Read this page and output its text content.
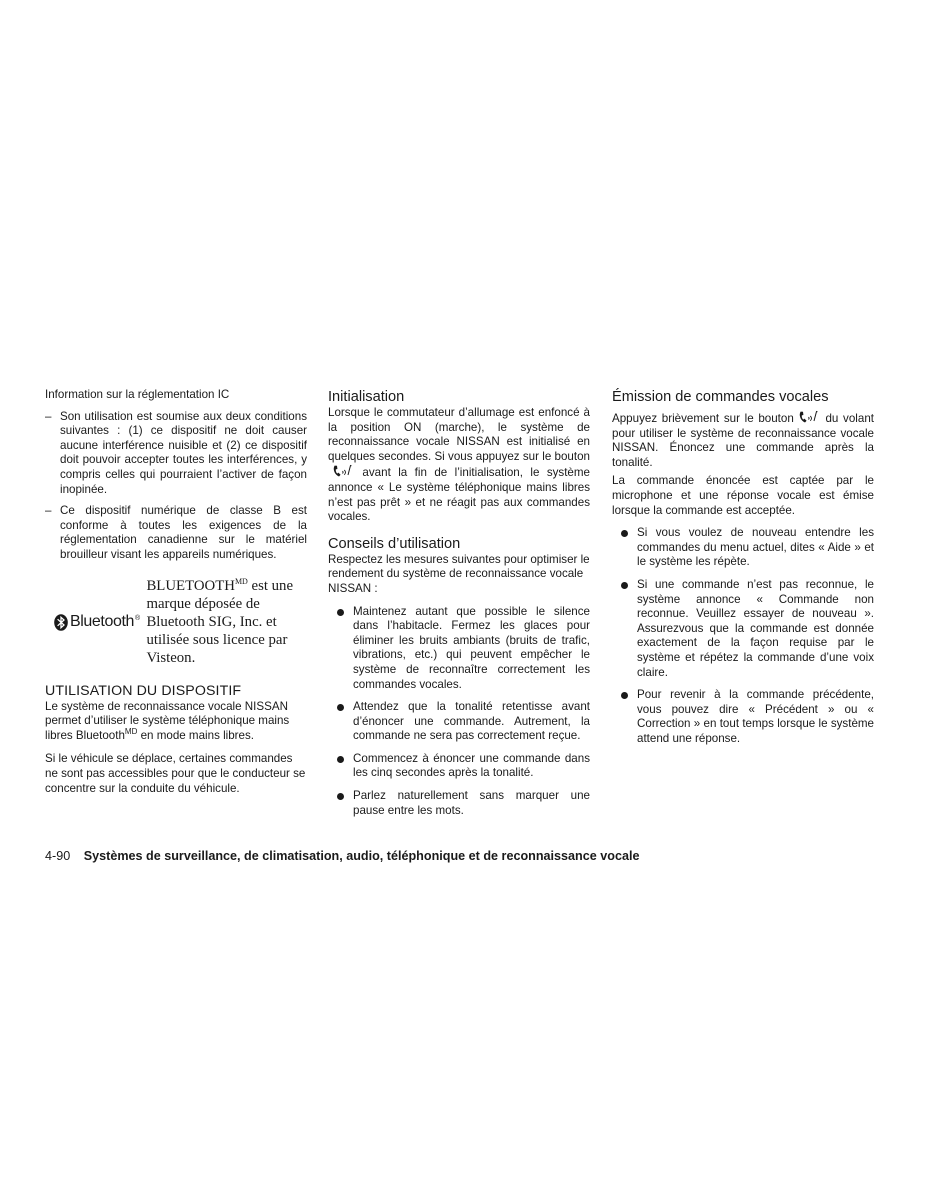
Information sur la réglementation IC

– Son utilisation est soumise aux deux conditions suivantes : (1) ce dispositif ne doit causer aucune interférence nuisible et (2) ce dispositif doit pouvoir accepter toutes les interférences, y compris celles qui pourraient l’activer de façon inopinée.
– Ce dispositif numérique de classe B est conforme à toutes les exigences de la réglementation canadienne sur le matériel brouilleur visant les appareils numériques.
Bluetooth®
$BLUETOOTH^{MD}$ est une marque déposée de Bluetooth SIG, Inc. et utilisée sous licence par Visteon.
UTILISATION DU DISPOSITIF

Le système de reconnaissance vocale NISSAN permet d’utiliser le système téléphonique mains libres Bluetooth$^{MD}$ en mode mains libres.

Si le véhicule se déplace, certaines commandes ne sont pas accessibles pour que le conducteur se concentre sur la conduite du véhicule.

Initialisation

Lorsque le commutateur d’allumage est enfoncé à la position ON (marche), le système de reconnaissance vocale NISSAN est initialisé en quelques secondes. Si vous appuyez sur le bouton avant la fin de l’initialisation, le système annonce « Le système téléphonique mains libres n’est pas prêt » et ne réagit pas aux commandes vocales.

Conseils d’utilisation

Respectez les mesures suivantes pour optimiser le rendement du système de reconnaissance vocale NISSAN :

Maintenez autant que possible le silence dans l’habitacle. Fermez les glaces pour éliminer les bruits ambiants (bruits de trafic, vibrations, etc.) qui peuvent empêcher le système de reconnaître correctement les commandes vocales.
Attendez que la tonalité retentisse avant d’énoncer une commande. Autrement, la commande ne sera pas correctement reçue.
Commencez à énoncer une commande dans les cinq secondes après la tonalité.
Parlez naturellement sans marquer une pause entre les mots.
Émission de commandes vocales

Appuyez brièvement sur le bouton du volant pour utiliser le système de reconnaissance vocale NISSAN. Énoncez une commande après la tonalité.

La commande énoncée est captée par le microphone et une réponse vocale est émise lorsque la commande est acceptée.

Si vous voulez de nouveau entendre les commandes du menu actuel, dites « Aide » et le système les répète.
Si une commande n’est pas reconnue, le système annonce « Commande non reconnue. Veuillez essayer de nouveau ». Assurezvous que la commande est donnée exactement de la façon requise par le système et répétez la commande d’une voix claire.
Pour revenir à la commande précédente, vous pouvez dire « Précédent » ou « Correction » en tout temps lorsque le système attend une réponse.
4-90 Systèmes de surveillance, de climatisation, audio, téléphonique et de reconnaissance vocale
